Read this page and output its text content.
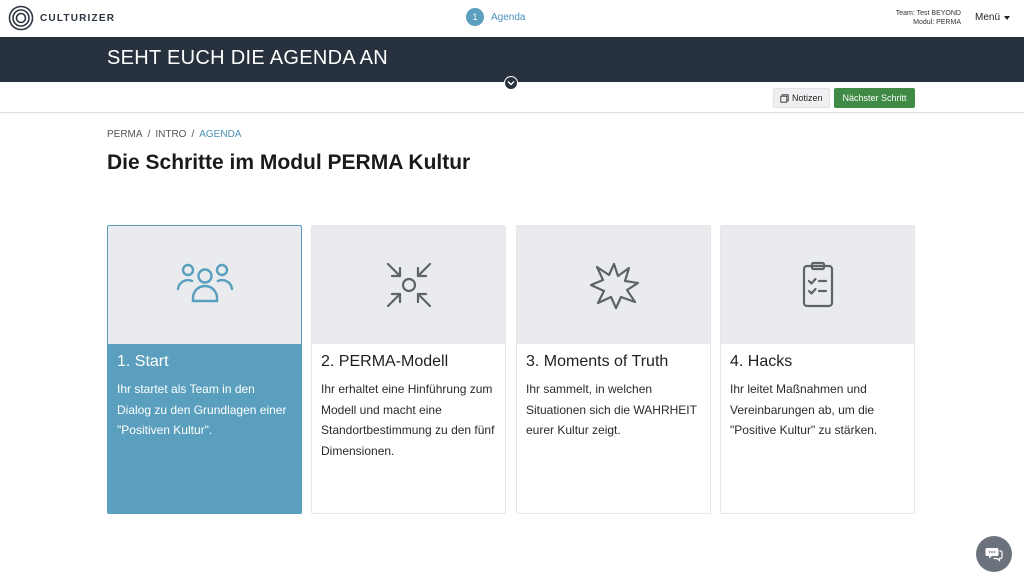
CULTURIZER	1	Agenda	Team: Test BEYOND
Modul: PERMA Menü
SEHT EUCH DIE AGENDA AN
Notizen	Nächster Schritt
PERMA / INTRO / AGENDA
Die Schritte im Modul PERMA Kultur
1. Start
Ihr startet als Team in den Dialog zu den Grundlagen einer "Positiven Kultur".
2. PERMA-Modell
Ihr erhaltet eine Hinführung zum Modell und macht eine Standortbestimmung zu den fünf Dimensionen.
3. Moments of Truth
Ihr sammelt, in welchen Situationen sich die WAHRHEIT eurer Kultur zeigt.
4. Hacks
Ihr leitet Maßnahmen und Vereinbarungen ab, um die "Positive Kultur" zu stärken.
